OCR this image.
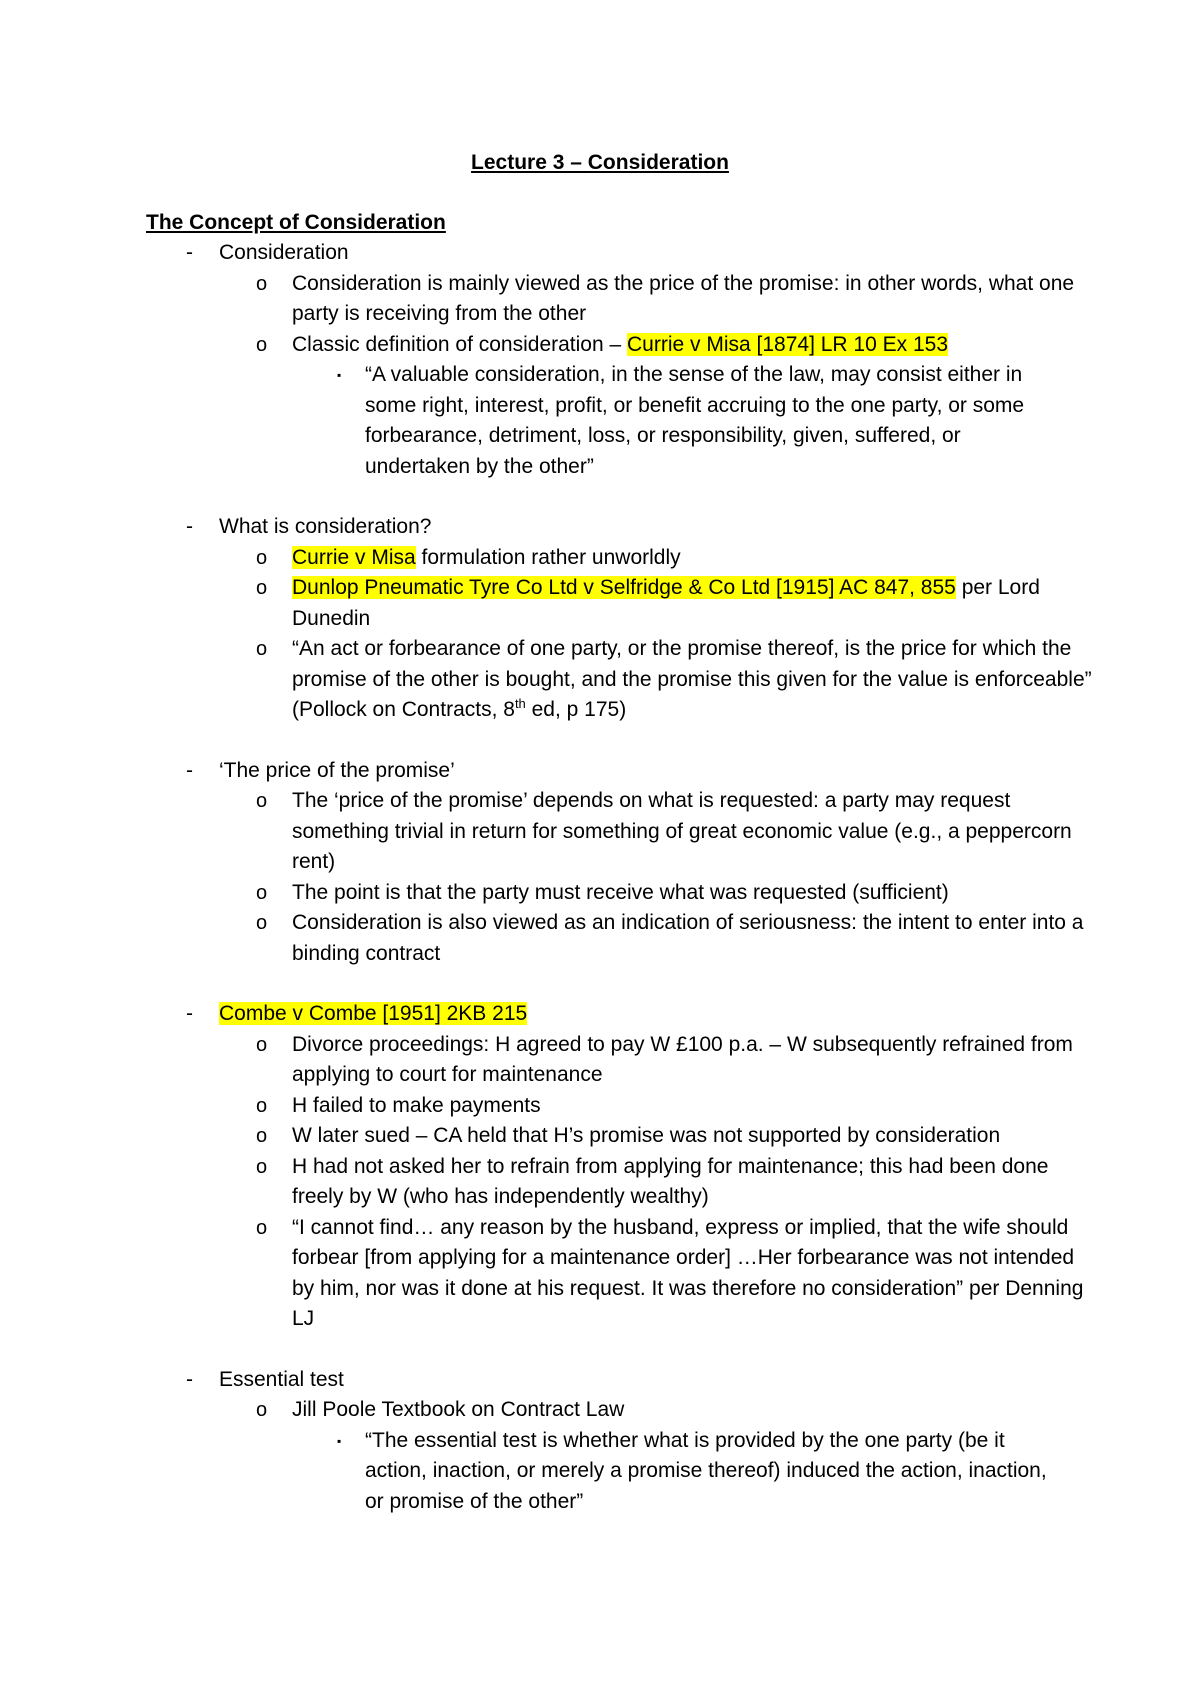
Lecture 3 – Consideration
The Concept of Consideration
- Consideration
o Consideration is mainly viewed as the price of the promise: in other words, what one party is receiving from the other
o Classic definition of consideration – Currie v Misa [1874] LR 10 Ex 153
▪ “A valuable consideration, in the sense of the law, may consist either in some right, interest, profit, or benefit accruing to the one party, or some forbearance, detriment, loss, or responsibility, given, suffered, or undertaken by the other”
- What is consideration?
o Currie v Misa formulation rather unworldly
o Dunlop Pneumatic Tyre Co Ltd v Selfridge & Co Ltd [1915] AC 847, 855 per Lord Dunedin
o “An act or forbearance of one party, or the promise thereof, is the price for which the promise of the other is bought, and the promise this given for the value is enforceable” (Pollock on Contracts, 8th ed, p 175)
- ‘The price of the promise’
o The ‘price of the promise’ depends on what is requested: a party may request something trivial in return for something of great economic value (e.g., a peppercorn rent)
o The point is that the party must receive what was requested (sufficient)
o Consideration is also viewed as an indication of seriousness: the intent to enter into a binding contract
- Combe v Combe [1951] 2KB 215
o Divorce proceedings: H agreed to pay W £100 p.a. – W subsequently refrained from applying to court for maintenance
o H failed to make payments
o W later sued – CA held that H’s promise was not supported by consideration
o H had not asked her to refrain from applying for maintenance; this had been done freely by W (who has independently wealthy)
o “I cannot find… any reason by the husband, express or implied, that the wife should forbear [from applying for a maintenance order] …Her forbearance was not intended by him, nor was it done at his request. It was therefore no consideration” per Denning LJ
- Essential test
o Jill Poole Textbook on Contract Law
▪ “The essential test is whether what is provided by the one party (be it action, inaction, or merely a promise thereof) induced the action, inaction, or promise of the other”
